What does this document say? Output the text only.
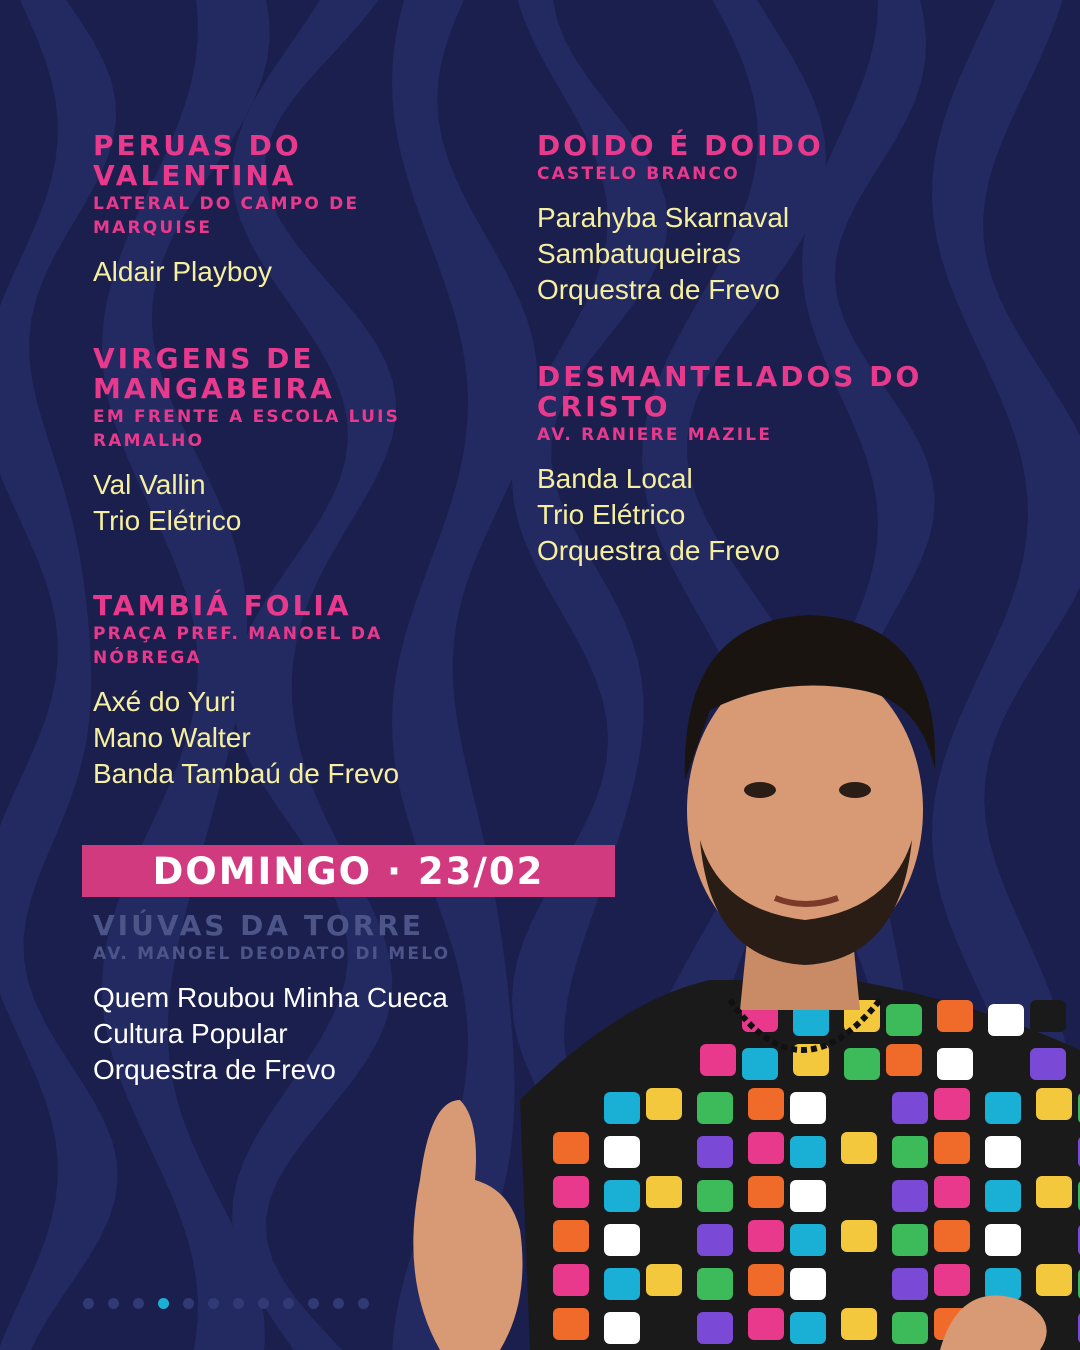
PERUAS DO VALENTINA
LATERAL DO CAMPO DE MARQUISE
Aldair Playboy
DOIDO É DOIDO
CASTELO BRANCO
Parahyba Skarnaval
Sambatuqueiras
Orquestra de Frevo
VIRGENS DE MANGABEIRA
EM FRENTE A ESCOLA LUIS RAMALHO
Val Vallin
Trio Elétrico
DESMANTELADOS DO CRISTO
AV. RANIERE MAZILE
Banda Local
Trio Elétrico
Orquestra de Frevo
TAMBIÁ FOLIA
PRAÇA PREF. MANOEL DA NÓBREGA
Axé do Yuri
Mano Walter
Banda Tambaú de Frevo
DOMINGO · 23/02
VIÚVAS DA TORRE
AV. MANOEL DEODATO DI MELO
Quem Roubou Minha Cueca
Cultura Popular
Orquestra de Frevo
